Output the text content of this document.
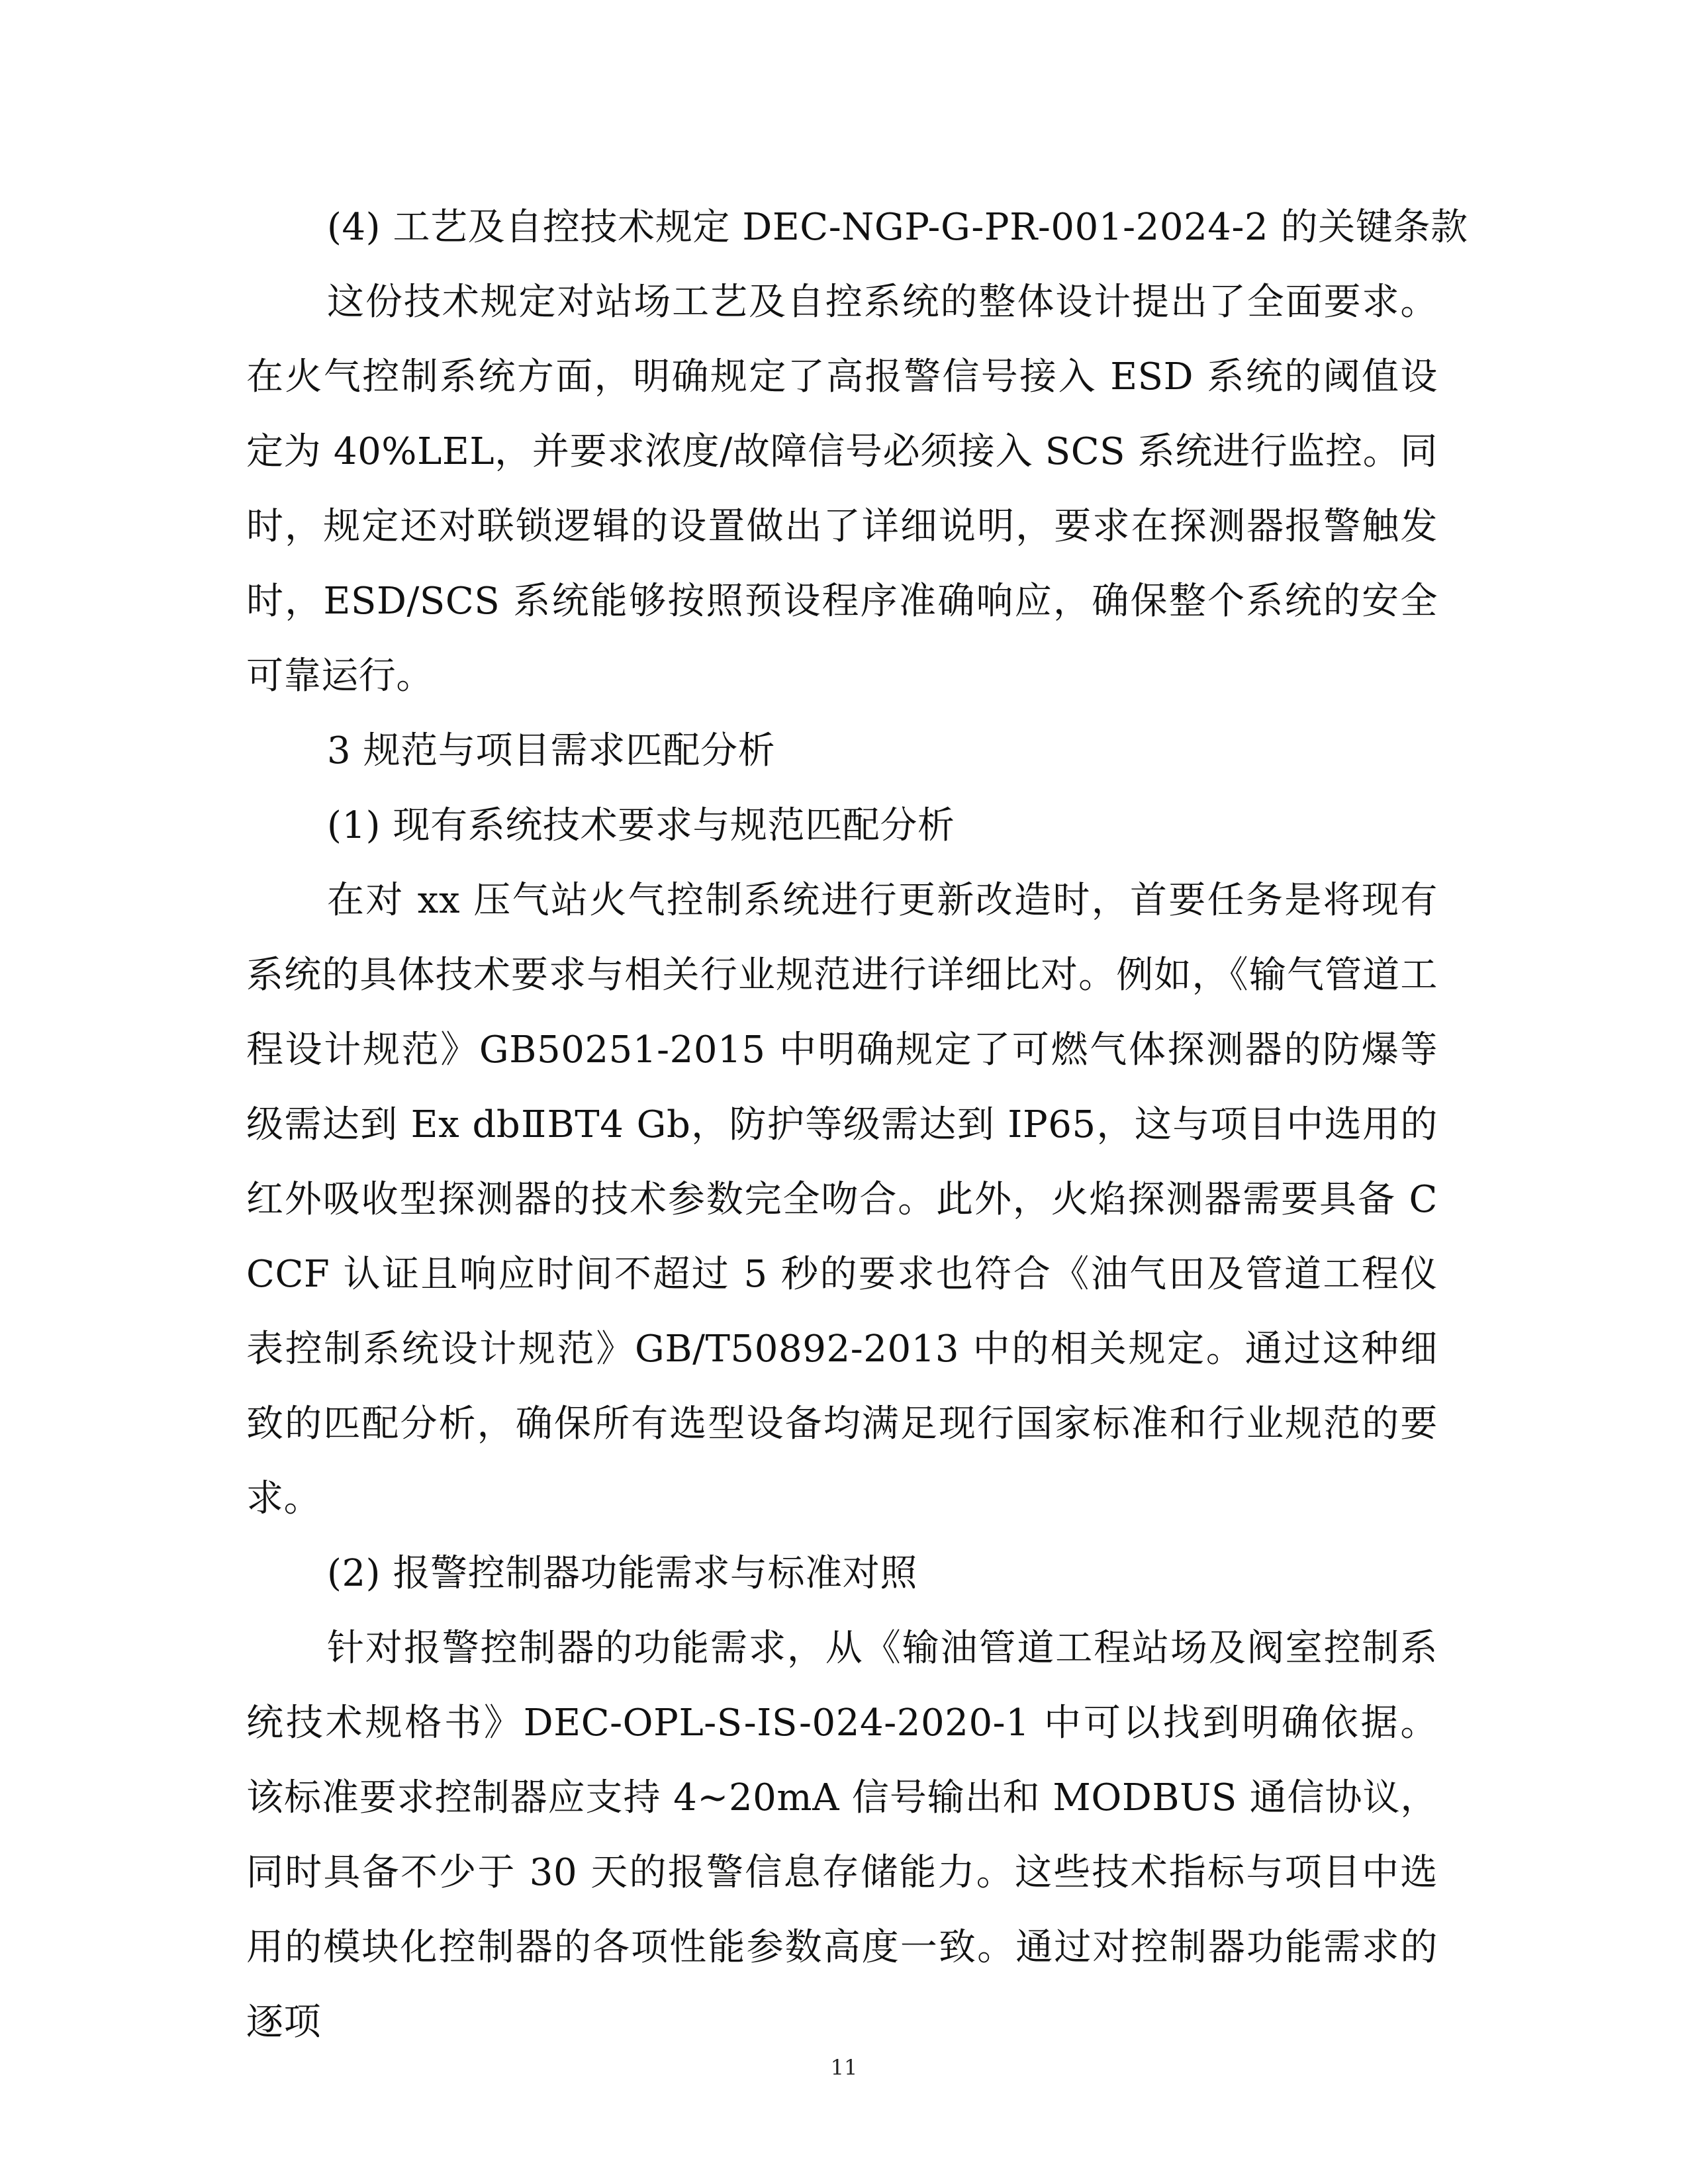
(4) 工艺及自控技术规定 DEC-NGP-G-PR-001-2024-2 的关键条款

这份技术规定对站场工艺及自控系统的整体设计提出了全面要求。在火气控制系统方面，明确规定了高报警信号接入 ESD 系统的阈值设定为 40%LEL，并要求浓度/故障信号必须接入 SCS 系统进行监控。同时，规定还对联锁逻辑的设置做出了详细说明，要求在探测器报警触发时，ESD/SCS 系统能够按照预设程序准确响应，确保整个系统的安全可靠运行。

3 规范与项目需求匹配分析

(1) 现有系统技术要求与规范匹配分析

在对 xx 压气站火气控制系统进行更新改造时，首要任务是将现有系统的具体技术要求与相关行业规范进行详细比对。例如，《输气管道工程设计规范》GB50251-2015 中明确规定了可燃气体探测器的防爆等级需达到 Ex dbⅡBT4 Gb，防护等级需达到 IP65，这与项目中选用的红外吸收型探测器的技术参数完全吻合。此外，火焰探测器需要具备 CCCF 认证且响应时间不超过 5 秒的要求也符合《油气田及管道工程仪表控制系统设计规范》GB/T50892-2013 中的相关规定。通过这种细致的匹配分析，确保所有选型设备均满足现行国家标准和行业规范的要求。

(2) 报警控制器功能需求与标准对照

针对报警控制器的功能需求，从《输油管道工程站场及阀室控制系统技术规格书》DEC-OPL-S-IS-024-2020-1 中可以找到明确依据。该标准要求控制器应支持 4~20mA 信号输出和 MODBUS 通信协议，同时具备不少于 30 天的报警信息存储能力。这些技术指标与项目中选用的模块化控制器的各项性能参数高度一致。通过对控制器功能需求的逐项

11
